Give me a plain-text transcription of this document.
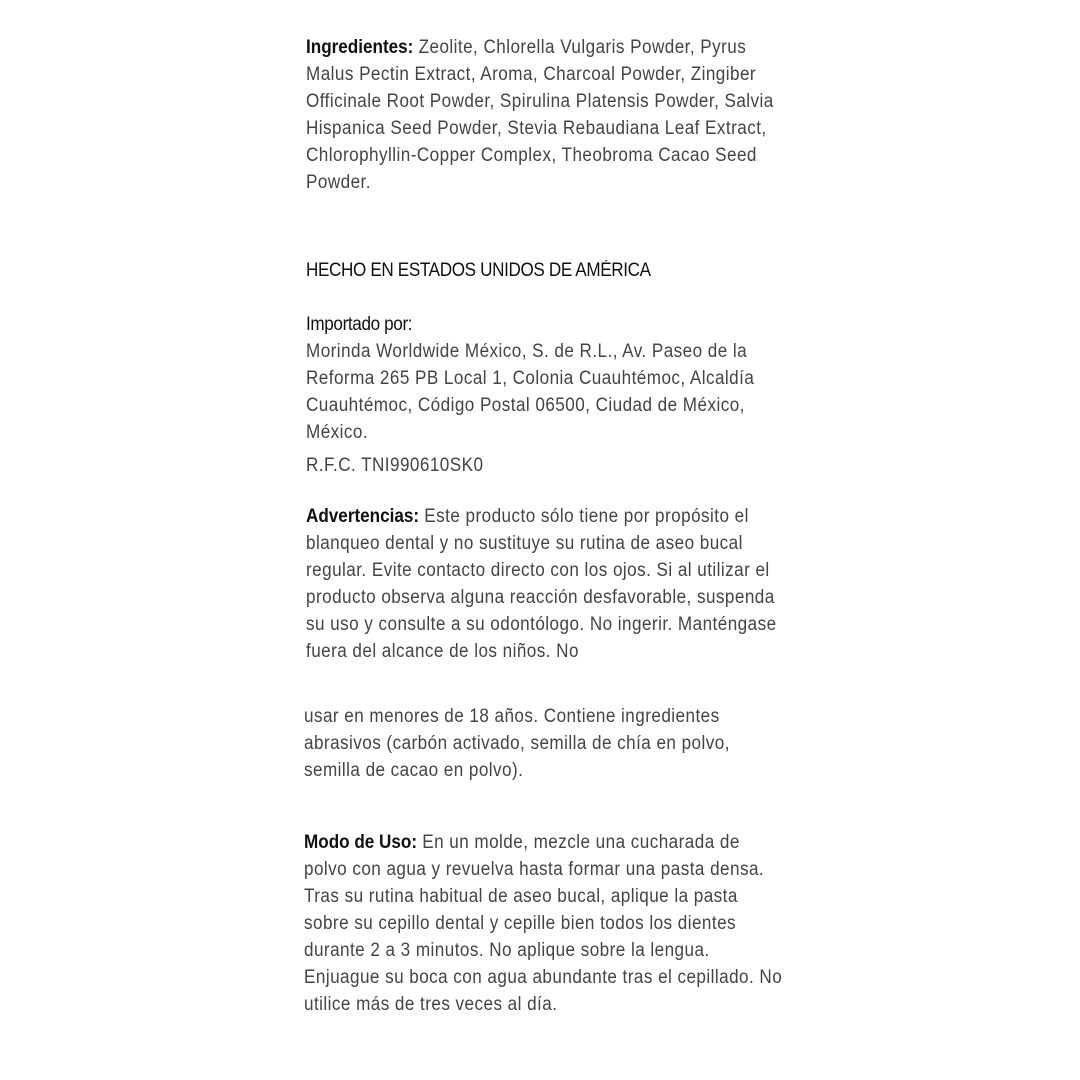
Ingredientes: Zeolite, Chlorella Vulgaris Powder, Pyrus Malus Pectin Extract, Aroma, Charcoal Powder, Zingiber Officinale Root Powder, Spirulina Platensis Powder, Salvia Hispanica Seed Powder, Stevia Rebaudiana Leaf Extract, Chlorophyllin-Copper Complex, Theobroma Cacao Seed Powder.
HECHO EN ESTADOS UNIDOS DE AMÉRICA
Importado por:
Morinda Worldwide México, S. de R.L., Av. Paseo de la Reforma 265 PB Local 1, Colonia Cuauhtémoc, Alcaldía Cuauhtémoc, Código Postal 06500, Ciudad de México, México.
R.F.C. TNI990610SK0
Advertencias: Este producto sólo tiene por propósito el blanqueo dental y no sustituye su rutina de aseo bucal regular. Evite contacto directo con los ojos. Si al utilizar el producto observa alguna reacción desfavorable, suspenda su uso y consulte a su odontólogo. No ingerir. Manténgase fuera del alcance de los niños. No
usar en menores de 18 años. Contiene ingredientes abrasivos (carbón activado, semilla de chía en polvo, semilla de cacao en polvo).
Modo de Uso: En un molde, mezcle una cucharada de polvo con agua y revuelva hasta formar una pasta densa. Tras su rutina habitual de aseo bucal, aplique la pasta sobre su cepillo dental y cepille bien todos los dientes durante 2 a 3 minutos. No aplique sobre la lengua. Enjuague su boca con agua abundante tras el cepillado. No utilice más de tres veces al día.
